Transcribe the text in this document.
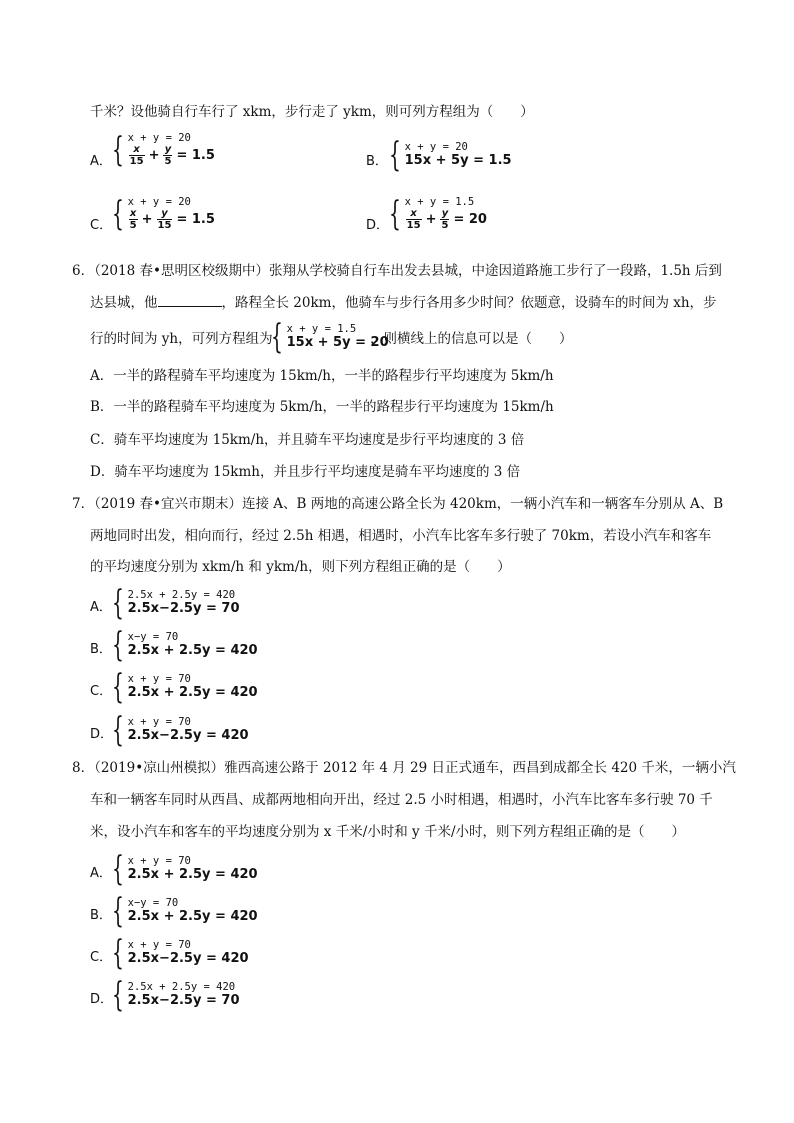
千米？设他骑自行车行了 xkm，步行走了 ykm，则可列方程组为（　　）
A． { x + y = 20
$\frac{x}{15} + \frac{y}{5} = 1.5$	B． { x + y = 20
15x + 5y = 1.5
C． { x + y = 20
$\frac{x}{5} + \frac{y}{15} = 1.5$	D． { x + y = 1.5
$\frac{x}{15} + \frac{y}{5} = 20$
6．（2018 春•思明区校级期中）张翔从学校骑自行车出发去县城，中途因道路施工步行了一段路，1.5h 后到
达县城，他	，路程全长 20km，他骑车与步行各用多少时间？依题意，设骑车的时间为 xh，步
行的时间为 yh，可列方程组为
{ x + y = 1.5
15x + 5y = 20
，则横线上的信息可以是（　　）
A．一半的路程骑车平均速度为 15km/h，一半的路程步行平均速度为 5km/h
B．一半的路程骑车平均速度为 5km/h，一半的路程步行平均速度为 15km/h
C．骑车平均速度为 15km/h，并且骑车平均速度是步行平均速度的 3 倍
D．骑车平均速度为 15kmh，并且步行平均速度是骑车平均速度的 3 倍
7．（2019 春•宜兴市期末）连接 A、B 两地的高速公路全长为 420km，一辆小汽车和一辆客车分别从 A、B
两地同时出发，相向而行，经过 2.5h 相遇，相遇时，小汽车比客车多行驶了 70km，若设小汽车和客车
的平均速度分别为 xkm/h 和 ykm/h，则下列方程组正确的是（　　）
A． { 2.5x + 2.5y = 420
2.5x−2.5y = 70
B． { x−y = 70
2.5x + 2.5y = 420
C． { x + y = 70
2.5x + 2.5y = 420
D．
{ x + y = 70
2.5x−2.5y = 420
8．（2019•凉山州模拟）雅西高速公路于 2012 年 4 月 29 日正式通车，西昌到成都全长 420 千米，一辆小汽
车和一辆客车同时从西昌、成都两地相向开出，经过 2.5 小时相遇，相遇时，小汽车比客车多行驶 70 千
米，设小汽车和客车的平均速度分别为 x 千米/小时和 y 千米/小时，则下列方程组正确的是（　　）
A． { x + y = 70
2.5x + 2.5y = 420
B． { x−y = 70
2.5x + 2.5y = 420
C． { x + y = 70
2.5x−2.5y = 420
D．
{ 2.5x + 2.5y = 420
2.5x−2.5y = 70
